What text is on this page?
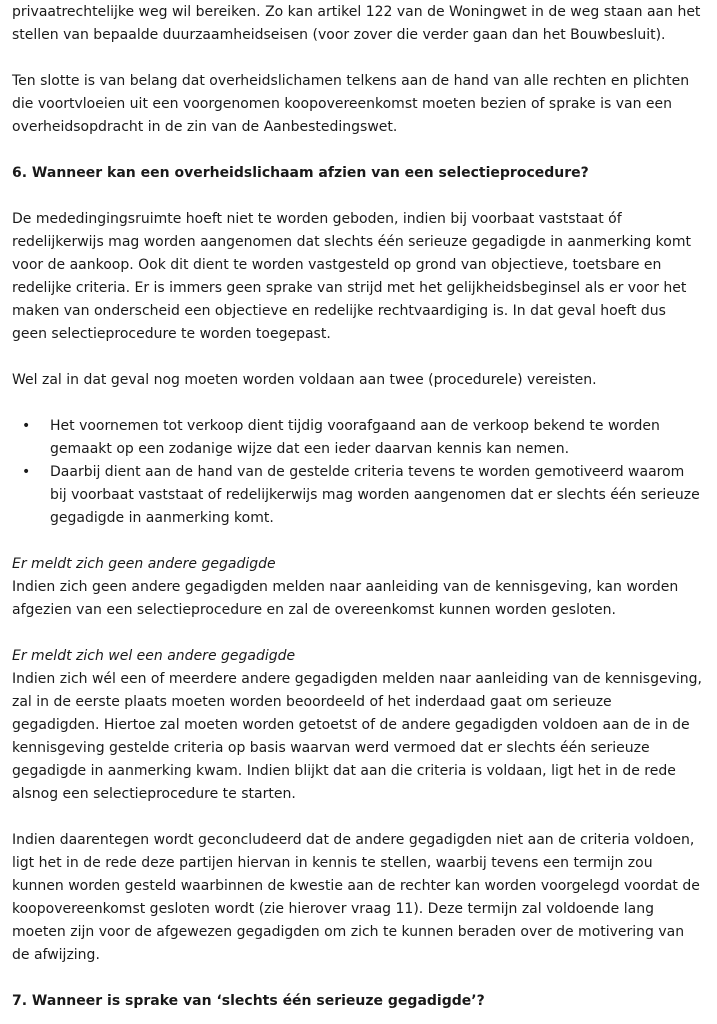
privaatrechtelijke weg wil bereiken. Zo kan artikel 122 van de Woningwet in de weg staan aan het stellen van bepaalde duurzaamheidseisen (voor zover die verder gaan dan het Bouwbesluit).

Ten slotte is van belang dat overheidslichamen telkens aan de hand van alle rechten en plichten die voortvloeien uit een voorgenomen koopovereenkomst moeten bezien of sprake is van een overheidsopdracht in de zin van de Aanbestedingswet.

6. Wanneer kan een overheidslichaam afzien van een selectieprocedure?

De mededingingsruimte hoeft niet te worden geboden, indien bij voorbaat vaststaat óf redelijkerwijs mag worden aangenomen dat slechts één serieuze gegadigde in aanmerking komt voor de aankoop. Ook dit dient te worden vastgesteld op grond van objectieve, toetsbare en redelijke criteria. Er is immers geen sprake van strijd met het gelijkheidsbeginsel als er voor het maken van onderscheid een objectieve en redelijke rechtvaardiging is. In dat geval hoeft dus geen selectieprocedure te worden toegepast.

Wel zal in dat geval nog moeten worden voldaan aan twee (procedurele) vereisten.

• Het voornemen tot verkoop dient tijdig voorafgaand aan de verkoop bekend te worden gemaakt op een zodanige wijze dat een ieder daarvan kennis kan nemen.
• Daarbij dient aan de hand van de gestelde criteria tevens te worden gemotiveerd waarom bij voorbaat vaststaat of redelijkerwijs mag worden aangenomen dat er slechts één serieuze gegadigde in aanmerking komt.

Er meldt zich geen andere gegadigde

Indien zich geen andere gegadigden melden naar aanleiding van de kennisgeving, kan worden afgezien van een selectieprocedure en zal de overeenkomst kunnen worden gesloten.

Er meldt zich wel een andere gegadigde

Indien zich wél een of meerdere andere gegadigden melden naar aanleiding van de kennisgeving, zal in de eerste plaats moeten worden beoordeeld of het inderdaad gaat om serieuze gegadigden. Hiertoe zal moeten worden getoetst of de andere gegadigden voldoen aan de in de kennisgeving gestelde criteria op basis waarvan werd vermoed dat er slechts één serieuze gegadigde in aanmerking kwam. Indien blijkt dat aan die criteria is voldaan, ligt het in de rede alsnog een selectieprocedure te starten.

Indien daarentegen wordt geconcludeerd dat de andere gegadigden niet aan de criteria voldoen, ligt het in de rede deze partijen hiervan in kennis te stellen, waarbij tevens een termijn zou kunnen worden gesteld waarbinnen de kwestie aan de rechter kan worden voorgelegd voordat de koopovereenkomst gesloten wordt (zie hierover vraag 11). Deze termijn zal voldoende lang moeten zijn voor de afgewezen gegadigden om zich te kunnen beraden over de motivering van de afwijzing.

7. Wanneer is sprake van ‘slechts één serieuze gegadigde’?
